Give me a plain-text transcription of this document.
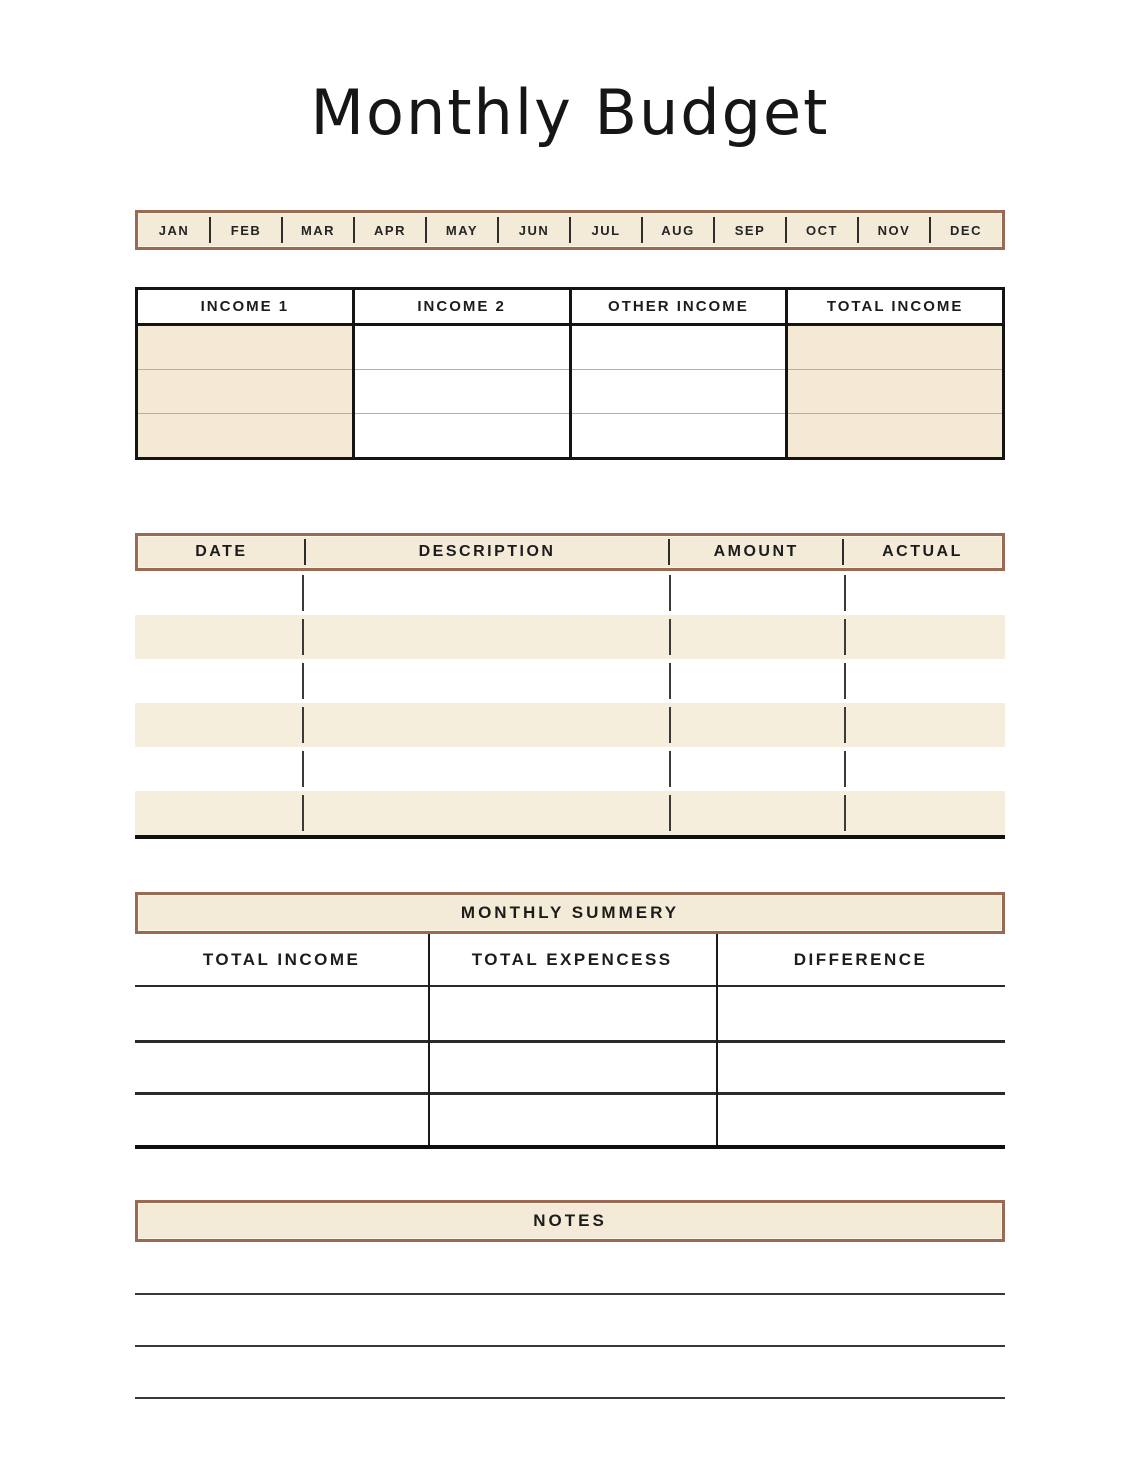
Monthly Budget
JAN	FEB	MAR	APR	MAY	JUN	JUL	AUG	SEP	OCT	NOV	DEC
INCOME 1	INCOME 2	OTHER INCOME	TOTAL INCOME
DATE	DESCRIPTION	AMOUNT	ACTUAL
MONTHLY SUMMERY
TOTAL INCOME	TOTAL EXPENCESS	DIFFERENCE
NOTES
